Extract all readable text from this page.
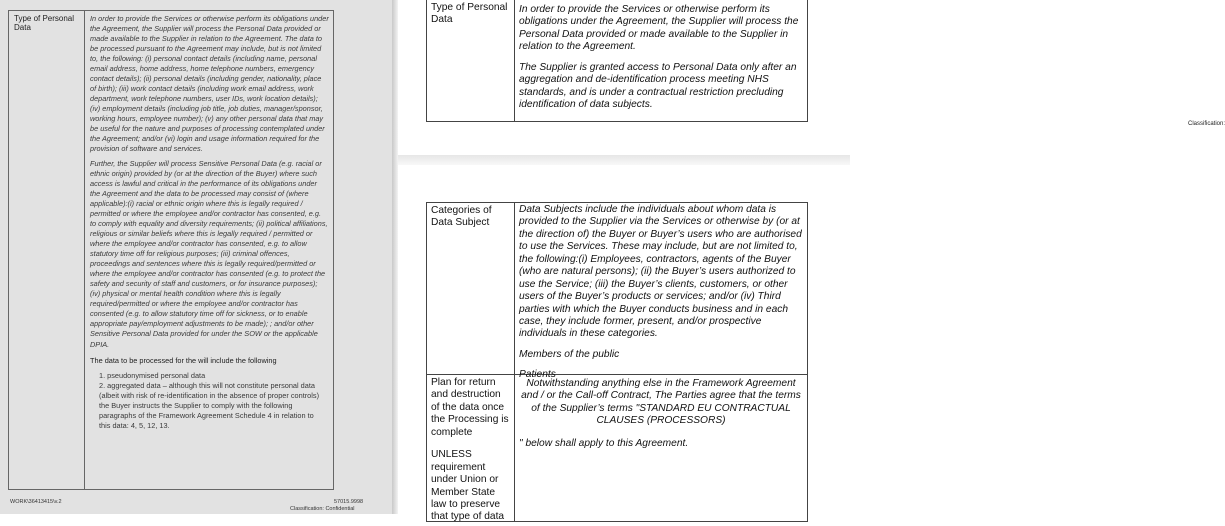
Type of Personal Data

In order to provide the Services or otherwise perform its obligations under the Agreement, the Supplier will process the Personal Data provided or made available to the Supplier in relation to the Agreement. The data to be processed pursuant to the Agreement may include, but is not limited to, the following: (i) personal contact details (including name, personal email address, home address, home telephone numbers, emergency contact details); (ii) personal details (including gender, nationality, place of birth); (iii) work contact details (including work email address, work department, work telephone numbers, user IDs, work location details); (iv) employment details (including job title, job duties, manager/sponsor, working hours, employee number); (v) any other personal data that may be useful for the nature and purposes of processing contemplated under the Agreement; and/or (vi) login and usage information required for the provision of software and services.

Further, the Supplier will process Sensitive Personal Data (e.g. racial or ethnic origin) provided by (or at the direction of the Buyer) where such access is lawful and critical in the performance of its obligations under the Agreement and the data to be processed may consist of (where applicable):(i) racial or ethnic origin where this is legally required / permitted or where the employee and/or contractor has consented, e.g. to comply with equality and diversity requirements; (ii) political affiliations, religious or similar beliefs where this is legally required / permitted or where the employee and/or contractor has consented, e.g. to allow statutory time off for religious purposes; (iii) criminal offences, proceedings and sentences where this is legally required/permitted or where the employee and/or contractor has consented (e.g. to protect the safety and security of staff and customers, or for insurance purposes); (iv) physical or mental health condition where this is legally required/permitted or where the employee and/or contractor has consented (e.g. to allow statutory time off for sickness, or to enable appropriate pay/employment adjustments to be made); ; and/or other Sensitive Personal Data provided for under the SOW or the applicable DPIA.

The data to be processed for the will include the following

1. pseudonymised personal data
2. aggregated data – although this will not constitute personal data (albeit with risk of re-identification in the absence of proper controls) the Buyer instructs the Supplier to comply with the following paragraphs of the Framework Agreement Schedule 4 in relation to this data: 4, 5, 12, 13.
WORK\36413415\v.2	57015.9998
Classification: Confidential

Type of Personal Data

In order to provide the Services or otherwise perform its obligations under the Agreement, the Supplier will process the Personal Data provided or made available to the Supplier in relation to the Agreement.

The Supplier is granted access to Personal Data only after an aggregation and de-identification process meeting NHS standards, and is under a contractual restriction precluding identification of data subjects.

Classification:

Categories of Data Subject

Data Subjects include the individuals about whom data is provided to the Supplier via the Services or otherwise by (or at the direction of) the Buyer or Buyer’s users who are authorised to use the Services. These may include, but are not limited to, the following:(i) Employees, contractors, agents of the Buyer (who are natural persons); (ii) the Buyer’s users authorized to use the Service; (iii) the Buyer’s clients, customers, or other users of the Buyer’s products or services; and/or (iv) Third parties with which the Buyer conducts business and in each case, they include former, present, and/or prospective individuals in these categories.

Members of the public

Patients

Plan for return and destruction of the data once the Processing is complete

UNLESS requirement under Union or Member State law to preserve that type of data

Notwithstanding anything else in the Framework Agreement and / or the Call-off Contract, The Parties agree that the terms of the Supplier’s terms "STANDARD EU CONTRACTUAL CLAUSES (PROCESSORS)

" below shall apply to this Agreement.
